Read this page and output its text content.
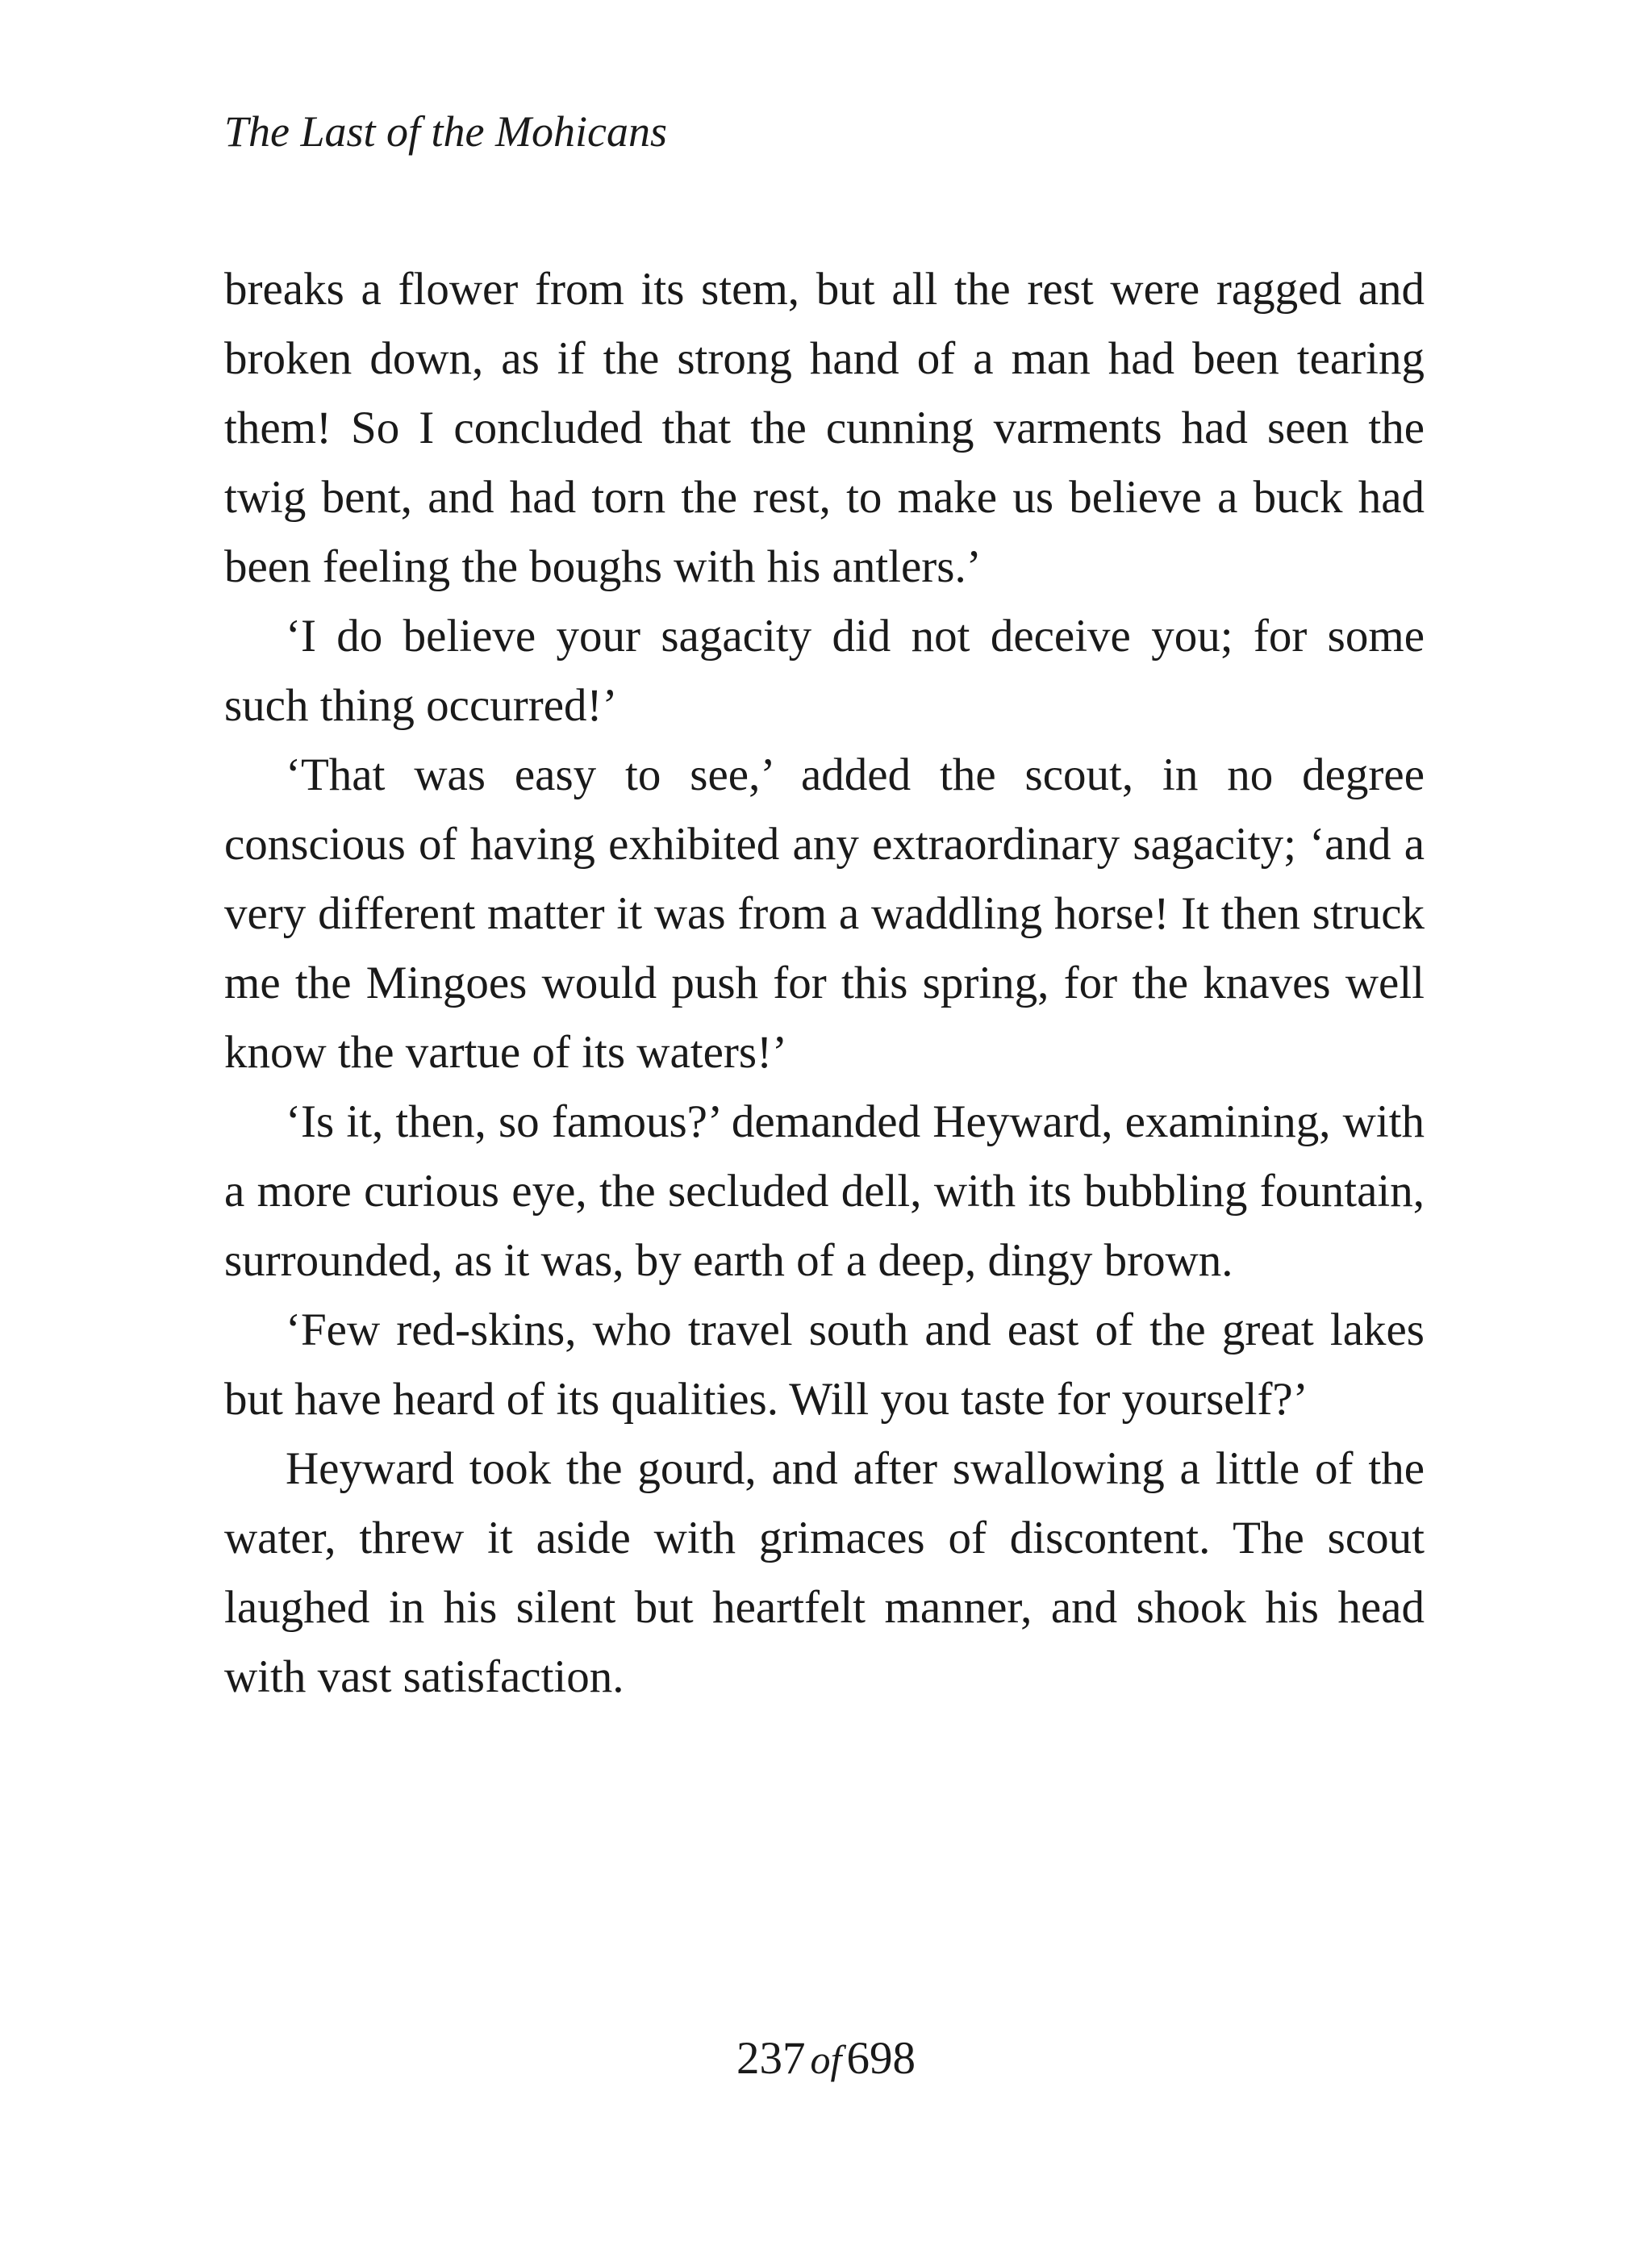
The Last of the Mohicans

breaks a flower from its stem, but all the rest were ragged and broken down, as if the strong hand of a man had been tearing them! So I concluded that the cunning varments had seen the twig bent, and had torn the rest, to make us believe a buck had been feeling the boughs with his antlers.’

‘I do believe your sagacity did not deceive you; for some such thing occurred!’

‘That was easy to see,’ added the scout, in no degree conscious of having exhibited any extraordinary sagacity; ‘and a very different matter it was from a waddling horse! It then struck me the Mingoes would push for this spring, for the knaves well know the vartue of its waters!’

‘Is it, then, so famous?’ demanded Heyward, examining, with a more curious eye, the secluded dell, with its bubbling fountain, surrounded, as it was, by earth of a deep, dingy brown.

‘Few red-skins, who travel south and east of the great lakes but have heard of its qualities. Will you taste for yourself?’

Heyward took the gourd, and after swallowing a little of the water, threw it aside with grimaces of discontent. The scout laughed in his silent but heartfelt manner, and shook his head with vast satisfaction.

237 of 698
